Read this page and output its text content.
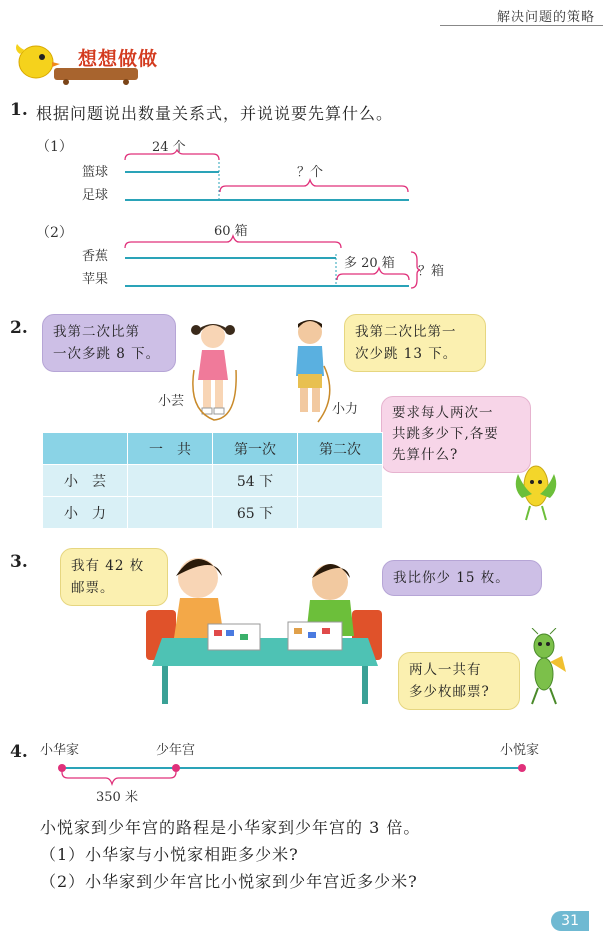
解决问题的策略
想想做做
1. 根据问题说出数量关系式，并说说要先算什么。
（1）	24 个
篮球
足球
？个
（2）	60 箱
香蕉
苹果
多 20 箱
？箱
2. 我第二次比第
一次多跳 8 下。
我第二次比第一
次少跳 13 下。
小芸
小力	要求每人两次一
共跳多少下,各要
先算什么?
	一　共	第一次	第二次
小　芸		54 下	
小　力		65 下	
3.	我有 42 枚
邮票。
我比你少 15 枚。
两人一共有
多少枚邮票?
4. 小华家	少年宫	小悦家
350 米
小悦家到少年宫的路程是小华家到少年宫的 3 倍。
（1）小华家与小悦家相距多少米?
（2）小华家到少年宫比小悦家到少年宫近多少米?
31
